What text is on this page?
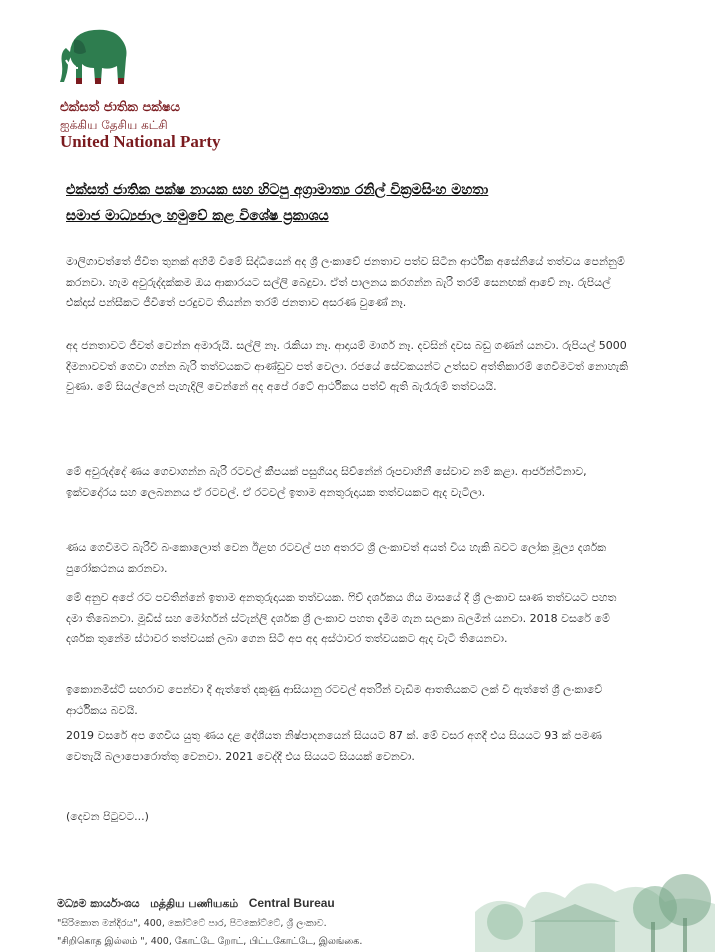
එක්සත් ජාතික පක්ෂය
ஐக்கிய தேசிய கட்சி
United National Party
එක්සත් ජාතික පක්ෂ නායක සහ හිටපු අග්‍රාමාත්‍ය රනිල් වික්‍රමසිංහ මහතා
සමාජ මාධ්‍යජාල හමුවේ කළ විශේෂ ප්‍රකාශය

මාලිගාවත්තේ ජීවිත තුනක් අහිමි වීමේ සිද්ධියෙන් අද ශ්‍රී ලංකාවේ ජනතාව පත්ව සිටින ආර්ථික අසේනියේ තත්වය පෙන්නුම් කරනවා. හැම අවුරුද්දක්කම ඔය ආකාරයට සල්ලි බෙදුවා. ඒත් පාලනය කරගන්න බැරි තරම් සෙනඟක් ආවේ නෑ. රුපියල් එක්දාස් පන්සීකට ජීවිතේ පරදුවට තියන්න තරම් ජනතාව අසරණ වුණේ නෑ.

අද ජනතාවට ජීවත් වෙන්න අමාරුයි. සල්ලි නෑ. රැකියා නෑ. ආදායම් මාර්ග නෑ. දවසින් දවස බඩු ගණන් යනවා. රුපියල් 5000 දීමනාවවත් ගෙවා ගන්න බැරි තත්වයකට ආණ්ඩුව පත් වෙලා. රජයේ සේවකයන්ට උත්සව අත්තිකාරම් ගෙවීමටත් නොහැකි වුණා. මේ සියල්ලෙන් පැහැදිලි වෙන්නේ අද අපේ රටේ ආර්ථිකය පත්වී ඇති බැරෑරුම් තත්වයයි.

මේ අවුරුද්දේ ණය ගෙවාගන්න බැරි රටවල් කීපයක් පසුගියදා සිව්නේන් රූපවාහිනී සේවාව නම් කළා. ආර්ජන්ටීනාව, ඉක්වදෝරය සහ ලෙබනනය ඒ රටවල්. ඒ රටවල් ඉතාම අනතුරුදායක තත්වයකට ඇද වැටිලා.

ණය ගෙවීමට බැරිවී බංකොලොත් වෙන ඊළඟ රටවල් පහ අතරට ශ්‍රී ලංකාවත් අයත් විය හැකි බවට ලෝක මූල්‍ය දර්ශක පුරෝකථනය කරනවා.

මේ අනුව අපේ රට පවතින්නේ ඉතාම අනතුරුදායක තත්වයක. ෆිච් දර්ශකය ගිය මාසයේ දී ශ්‍රී ලංකාව සෘණ තත්වයට පහත දමා තිබෙනවා. මූඩීස් සහ මෝර්ගන් ස්ටැන්ලි දර්ශක ශ්‍රී ලංකාව පහත දැමීම ගැන සලකා බලමින් යනවා. 2018 වසරේ මේ දර්ශක තුනේම ස්ථාවර තත්වයක් ලබා ගෙන සිටි අප අද අස්ථාවර තත්වයකට ඇද වැටී තියෙනවා.

ඉකොනමිස්ට් සඟරාව පෙන්වා දී ඇත්තේ දකුණු ආසියානු රටවල් අතරින් වැඩිම ආතතියකට ලක් වී ඇත්තේ ශ්‍රී ලංකාවේ ආර්ථිකය බවයි.

2019 වසරේ අප ගෙවිය යුතු ණය දළ දේශීයත නිෂ්පාදනයෙන් සියයට 87 ක්. මේ වසර අගදී එය සියයට 93 ක් පමණ වෙතැයි බලාපොරොත්තු වෙනවා. 2021 වෙද්දී එය සියයට සියයක් වෙනවා.

(දෙවන පිටුවට...)
මධ්‍යම කාර්යාංශය மத்திய பணியகம் Central Bureau
"සිරිකොත මන්දිරය", 400, කෝට්ටේ පාර, පිටකෝට්ටේ, ශ්‍රී ලංකාව.
"சிறிகொத இல்லம் ", 400, கோட்டே றோட், பிட்டகோட்டே, இலங்கை.
